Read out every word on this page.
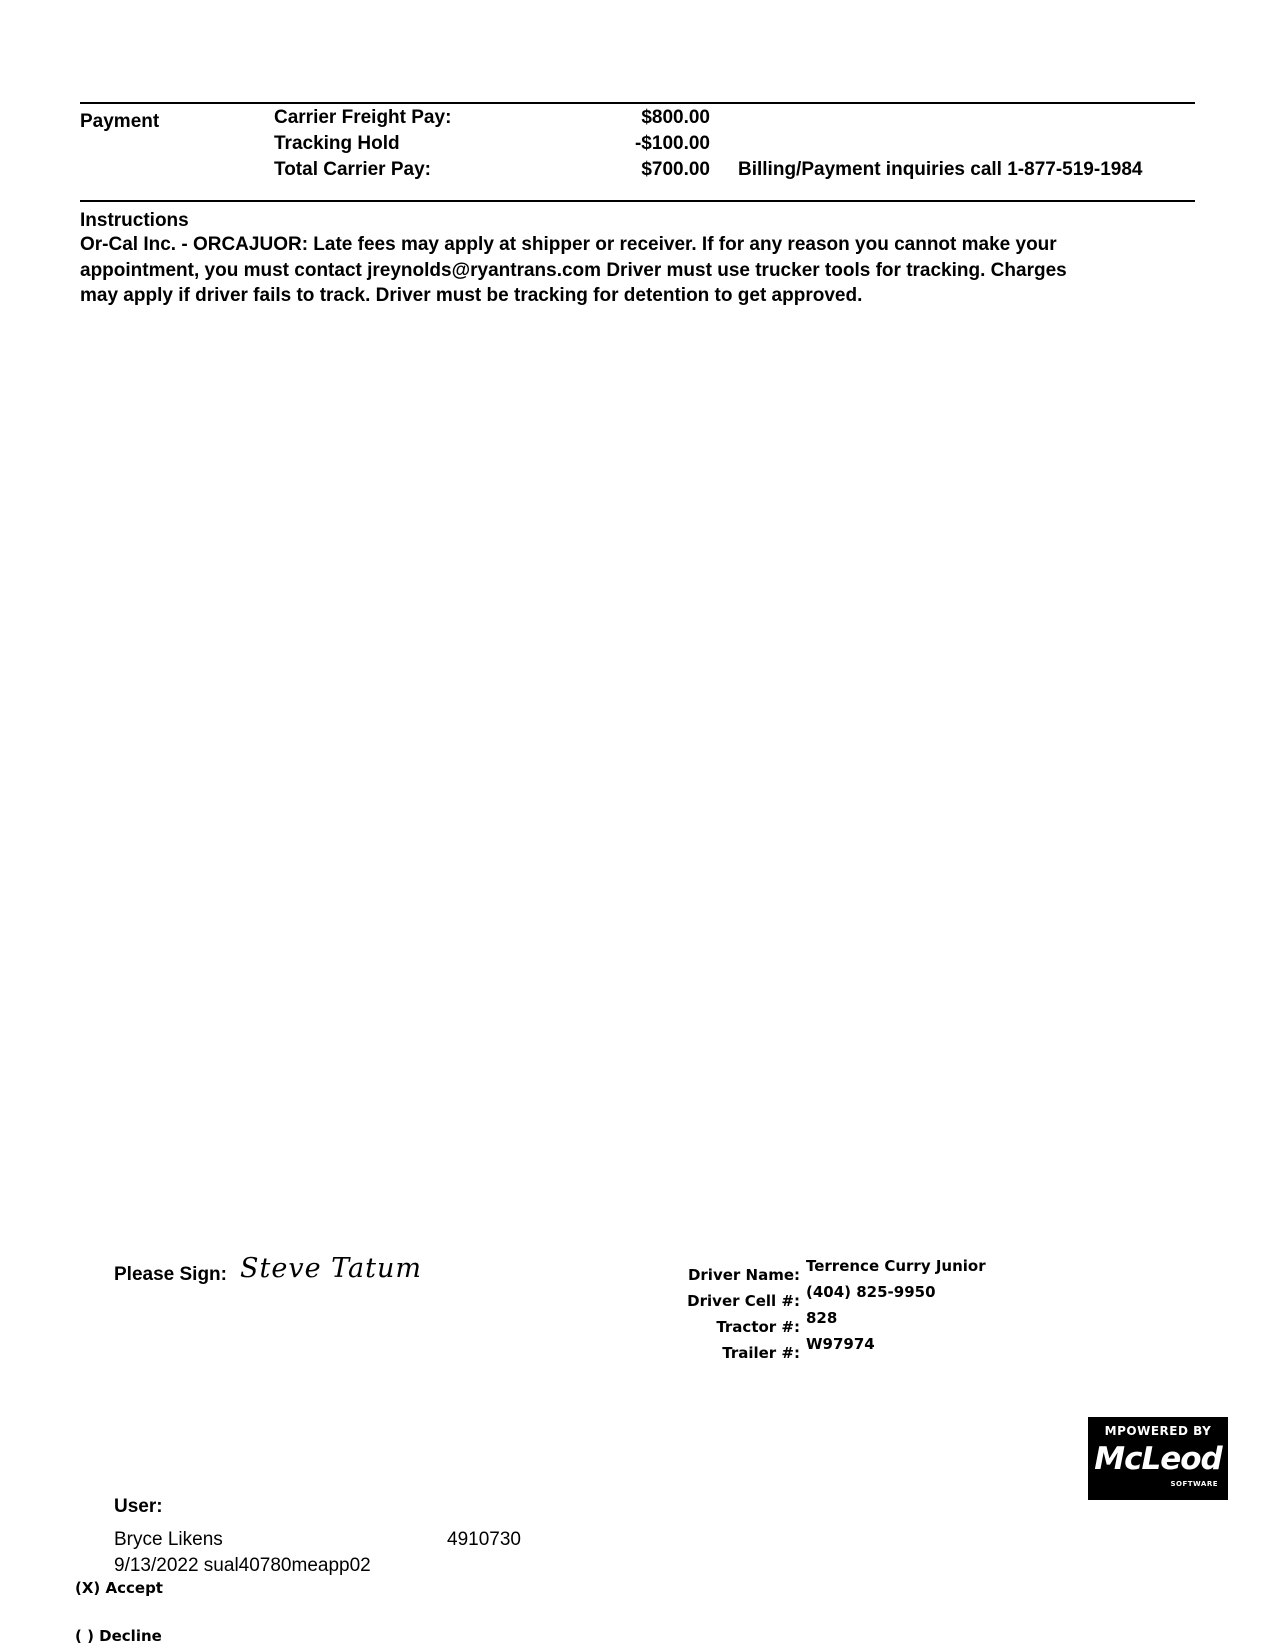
Payment	Carrier Freight Pay:	$800.00
Tracking Hold	-$100.00
Total Carrier Pay:	$700.00 Billing/Payment inquiries call 1-877-519-1984
Instructions
Or-Cal Inc. - ORCAJUOR: Late fees may apply at shipper or receiver. If for any reason you cannot make your
appointment, you must contact jreynolds@ryantrans.com Driver must use trucker tools for tracking. Charges
may apply if driver fails to track. Driver must be tracking for detention to get approved.
Please Sign: Steve Tatum	Driver Name: Terrence Curry Junior
Driver Cell #: (404) 825-9950
Tractor #: 828
Trailer #: W97974
MPOWERED BY
McLeod
SOFTWARE
User:
Bryce Likens	4910730
9/13/2022 sual40780meapp02
(X) Accept
( ) Decline
